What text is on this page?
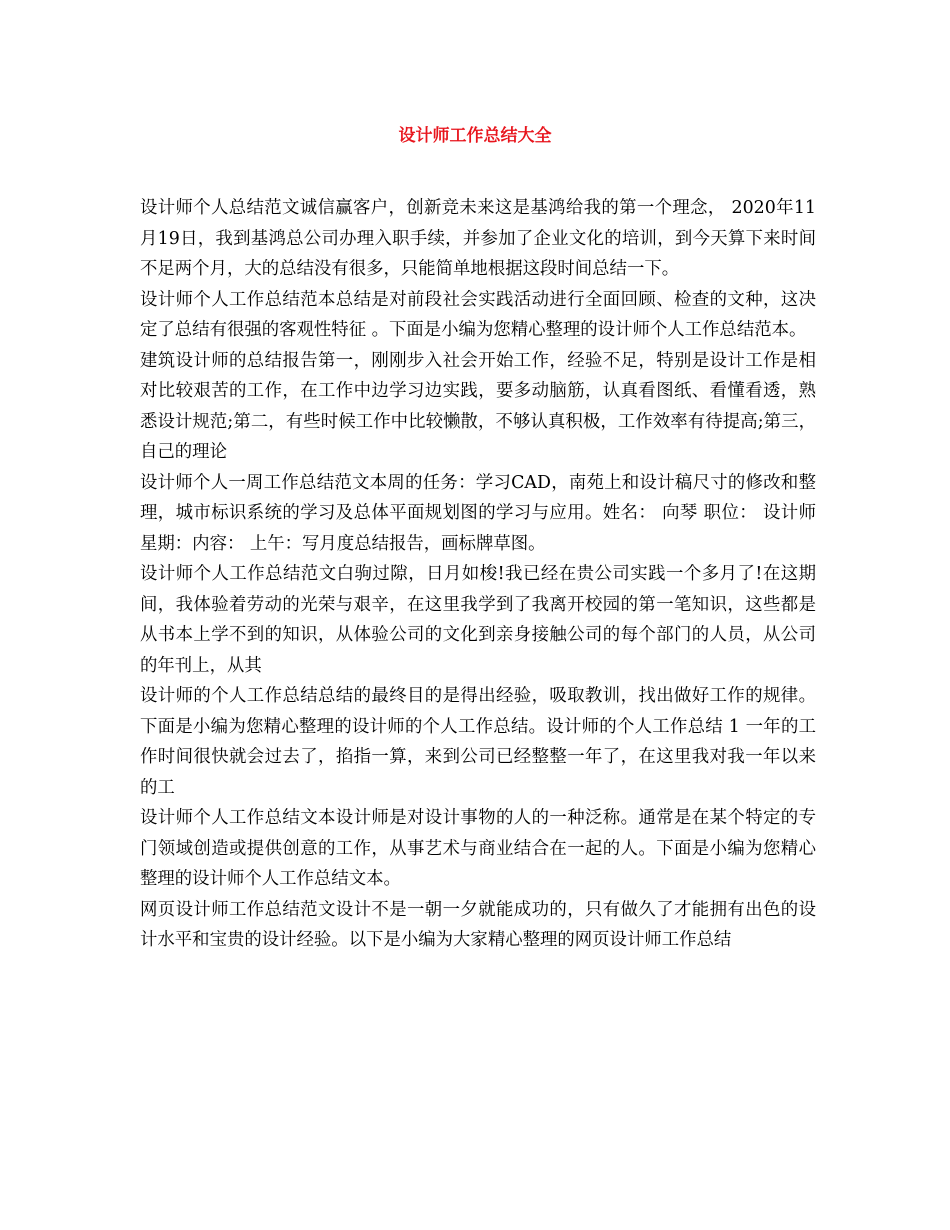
设计师工作总结大全

设计师个人总结范文诚信赢客户，创新竞未来这是基鸿给我的第一个理念， 2020年11月19日，我到基鸿总公司办理入职手续，并参加了企业文化的培训，到今天算下来时间不足两个月，大的总结没有很多，只能简单地根据这段时间总结一下。

设计师个人工作总结范本总结是对前段社会实践活动进行全面回顾、检查的文种，这决定了总结有很强的客观性特征 。下面是小编为您精心整理的设计师个人工作总结范本。

建筑设计师的总结报告第一，刚刚步入社会开始工作，经验不足，特别是设计工作是相对比较艰苦的工作，在工作中边学习边实践，要多动脑筋，认真看图纸、看懂看透，熟悉设计规范;第二，有些时候工作中比较懒散，不够认真积极，工作效率有待提高;第三，自己的理论

设计师个人一周工作总结范文本周的任务：学习CAD，南苑上和设计稿尺寸的修改和整理，城市标识系统的学习及总体平面规划图的学习与应用。姓名： 向琴 职位： 设计师星期：内容： 上午：写月度总结报告，画标牌草图。

设计师个人工作总结范文白驹过隙，日月如梭!我已经在贵公司实践一个多月了!在这期间，我体验着劳动的光荣与艰辛，在这里我学到了我离开校园的第一笔知识，这些都是从书本上学不到的知识，从体验公司的文化到亲身接触公司的每个部门的人员，从公司的年刊上，从其

设计师的个人工作总结总结的最终目的是得出经验，吸取教训，找出做好工作的规律。下面是小编为您精心整理的设计师的个人工作总结。设计师的个人工作总结 1 一年的工作时间很快就会过去了，掐指一算，来到公司已经整整一年了，在这里我对我一年以来的工

设计师个人工作总结文本设计师是对设计事物的人的一种泛称。通常是在某个特定的专门领域创造或提供创意的工作，从事艺术与商业结合在一起的人。下面是小编为您精心整理的设计师个人工作总结文本。

网页设计师工作总结范文设计不是一朝一夕就能成功的，只有做久了才能拥有出色的设计水平和宝贵的设计经验。以下是小编为大家精心整理的网页设计师工作总结
